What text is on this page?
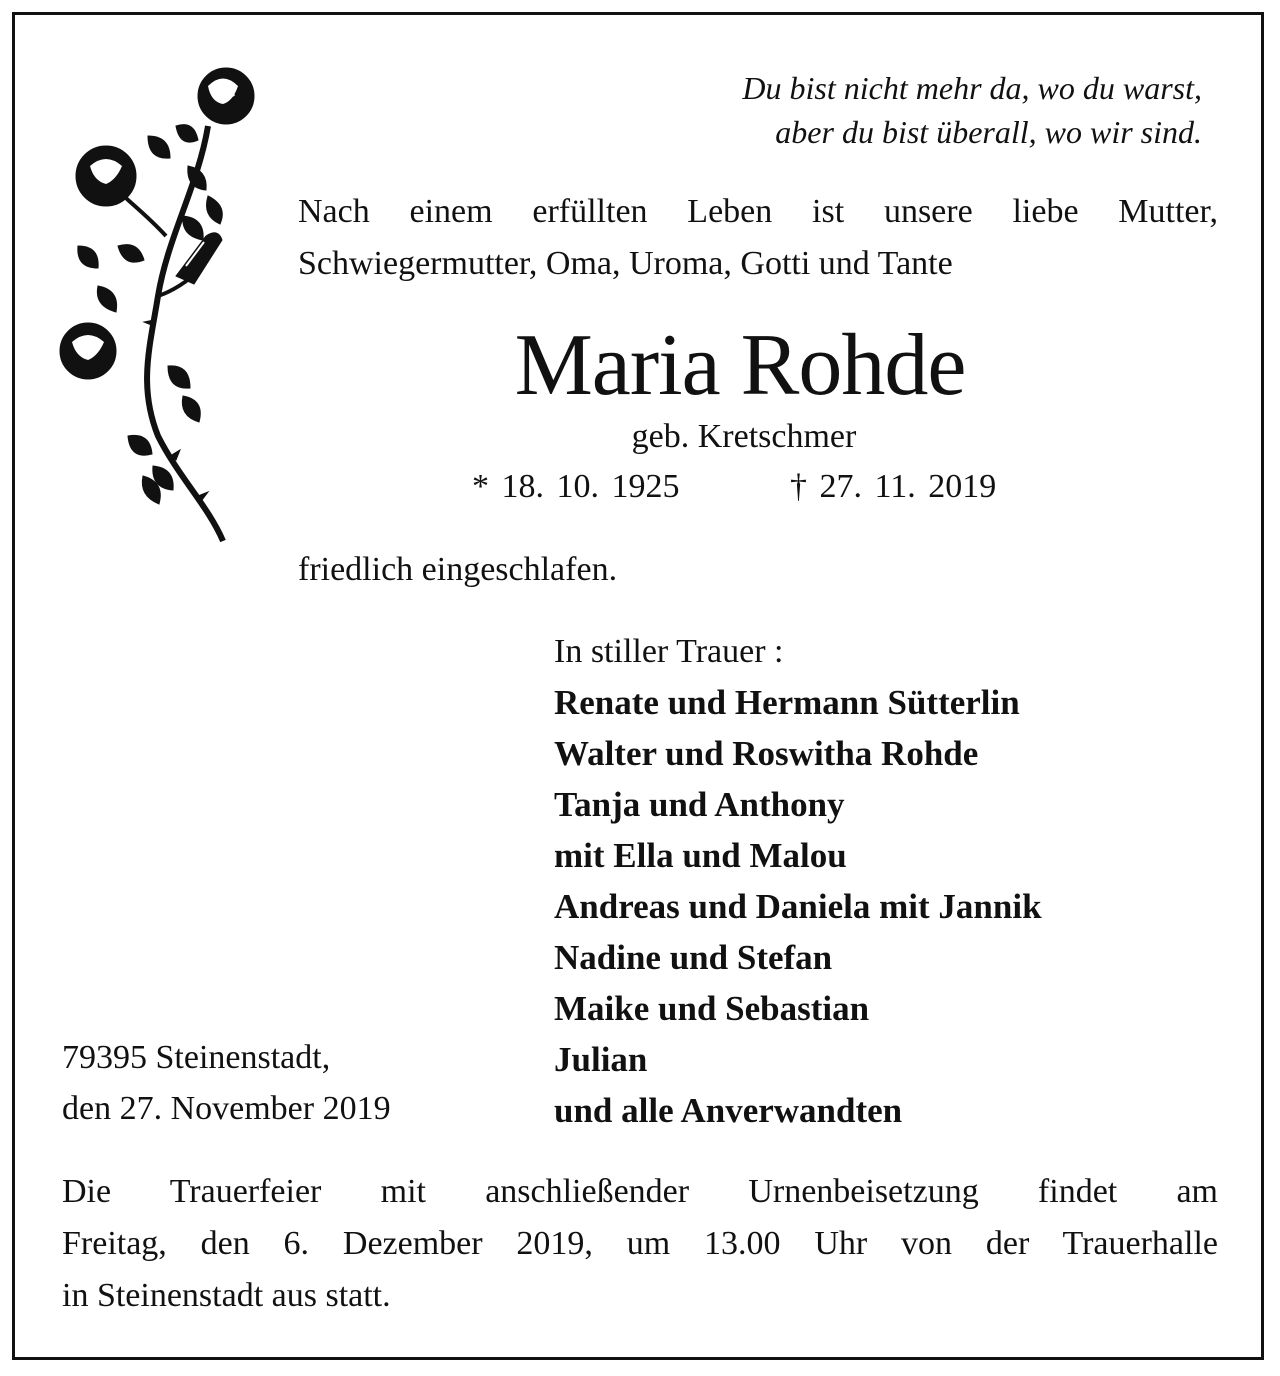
Du bist nicht mehr da, wo du warst,
aber du bist überall, wo wir sind.
Nach einem erfüllten Leben ist unsere liebe Mutter,
Schwiegermutter, Oma, Uroma, Gotti und Tante
Maria Rohde
geb. Kretschmer
* 18. 10. 1925	† 27. 11. 2019
friedlich eingeschlafen.
In stiller Trauer :
Renate und Hermann Sütterlin
Walter und Roswitha Rohde
Tanja und Anthony
mit Ella und Malou
Andreas und Daniela mit Jannik
Nadine und Stefan
Maike und Sebastian
Julian
und alle Anverwandten
79395 Steinenstadt,
den 27. November 2019
Die Trauerfeier mit anschließender Urnenbeisetzung findet am
Freitag, den 6. Dezember 2019, um 13.00 Uhr von der Trauerhalle
in Steinenstadt aus statt.
